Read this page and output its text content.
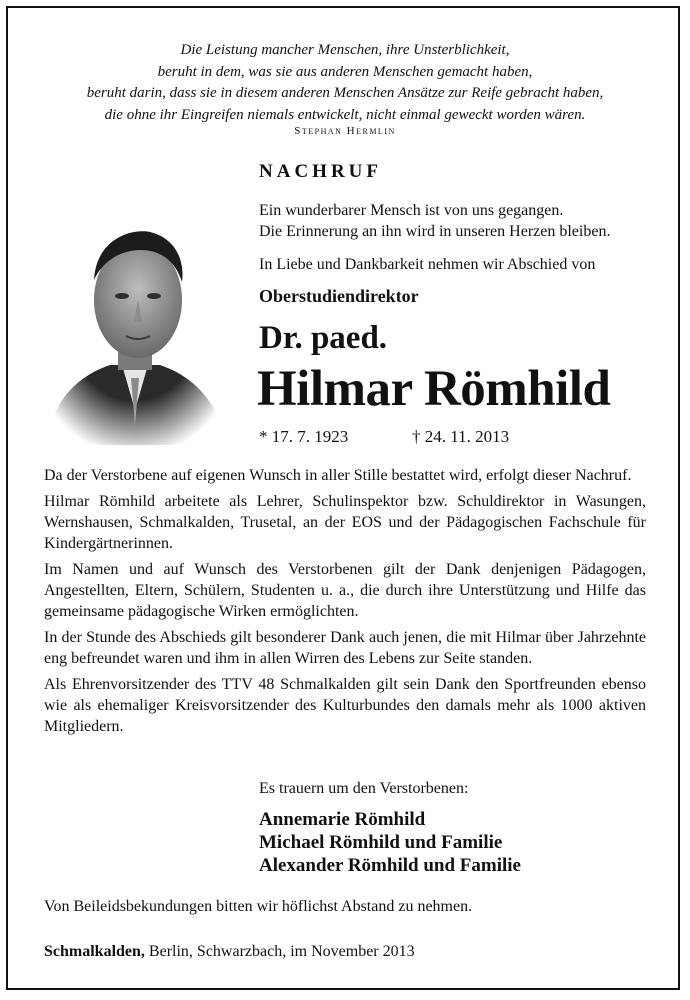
Die Leistung mancher Menschen, ihre Unsterblichkeit,
beruht in dem, was sie aus anderen Menschen gemacht haben,
beruht darin, dass sie in diesem anderen Menschen Ansätze zur Reife gebracht haben,
die ohne ihr Eingreifen niemals entwickelt, nicht einmal geweckt worden wären.
Stephan Hermlin
NACHRUF
Ein wunderbarer Mensch ist von uns gegangen.
Die Erinnerung an ihn wird in unseren Herzen bleiben.
In Liebe und Dankbarkeit nehmen wir Abschied von
Oberstudiendirektor
Dr. paed.
Hilmar Römhild
* 17. 7. 1923	† 24. 11. 2013

Da der Verstorbene auf eigenen Wunsch in aller Stille bestattet wird, erfolgt dieser Nachruf.

Hilmar Römhild arbeitete als Lehrer, Schulinspektor bzw. Schuldirektor in Wasungen, Wernshausen, Schmalkalden, Trusetal, an der EOS und der Pädagogischen Fachschule für Kindergärtnerinnen.

Im Namen und auf Wunsch des Verstorbenen gilt der Dank denjenigen Pädagogen, Angestellten, Eltern, Schülern, Studenten u. a., die durch ihre Unterstützung und Hilfe das gemeinsame pädagogische Wirken ermöglichten.

In der Stunde des Abschieds gilt besonderer Dank auch jenen, die mit Hilmar über Jahrzehnte eng befreundet waren und ihm in allen Wirren des Lebens zur Seite standen.

Als Ehrenvorsitzender des TTV 48 Schmalkalden gilt sein Dank den Sportfreunden ebenso wie als ehemaliger Kreisvorsitzender des Kulturbundes den damals mehr als 1000 aktiven Mitgliedern.

Es trauern um den Verstorbenen:
Annemarie Römhild
Michael Römhild und Familie
Alexander Römhild und Familie
Von Beileidsbekundungen bitten wir höflichst Abstand zu nehmen.
Schmalkalden, Berlin, Schwarzbach, im November 2013
